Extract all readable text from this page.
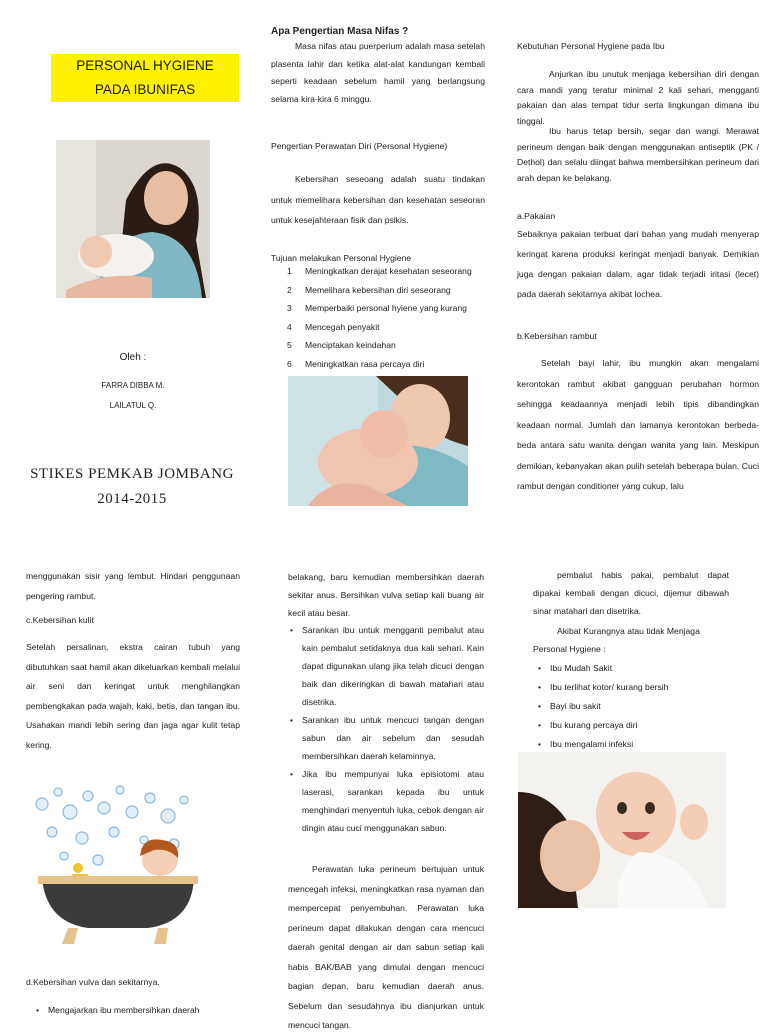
PERSONAL HYGIENE
PADA IBUNIFAS
Oleh :
FARRA DIBBA M.
LAILATUL Q.
STIKES PEMKAB JOMBANG
2014-2015
Apa Pengertian Masa Nifas ?
Masa nifas atau puerperium adalah masa setelah plasenta lahir dan ketika alat-alat kandungan kembali seperti keadaan sebelum hamil yang berlangsung selama kira-kira 6 minggu.
Pengertian Perawatan Diri (Personal Hygiene)
Kebersihan seseoang adalah suatu tindakan untuk memelihara kebersihan dan kesehatan seseoran untuk kesejahteraan fisik dan psikis.
Tujuan melakukan Personal Hygiene
1 Meningkatkan derajat kesehatan seseorang
2 Memelihara kebersihan diri seseorang
3 Memperbaiki personal hyiene yang kurang
4 Mencegah penyakit
5 Menciptakan keindahan
6 Meningkatkan rasa percaya diri
Kebutuhan Personal Hygiene pada Ibu
Anjurkan ibu unutuk menjaga kebersihan diri dengan cara mandi yang teratur minimal 2 kali sehari, mengganti pakaian dan alas tempat tidur serta lingkungan dimana ibu tinggal.
Ibu harus tetap bersih, segar dan wangi. Merawat perineum dengan baik dengan menggunakan antiseptik (PK / Dethol) dan selalu diingat bahwa membersihkan perineum dari arah depan ke belakang.
a.Pakaian
Sebaiknya pakaian terbuat dari bahan yang mudah menyerap keringat karena produksi keringat menjadi banyak. Demikian juga dengan pakaian dalam, agar tidak terjadi iritasi (lecet) pada daerah sekitarnya akibat lochea.
b.Kebersihan rambut
Setelah bayi lahir, ibu mungkin akan mengalami kerontokan rambut akibat gangguan perubahan hormon sehingga keadaannya menjadi lebih tipis dibandingkan keadaan normal. Jumlah dan lamanya kerontokan berbeda-beda antara satu wanita dengan wanita yang lain. Meskipun demikian, kebanyakan akan pulih setelah beberapa bulan. Cuci rambut dengan conditioner yang cukup, lalu
menggunakan sisir yang lembut. Hindari penggunaan pengering rambut.
c.Kebersihan kulit
Setelah persalinan, ekstra cairan tubuh yang dibutuhkan saat hamil akan dikeluarkan kembali melalui air seni dan keringat untuk menghilangkan pembengkakan pada wajah, kaki, betis, dan tangan ibu. Usahakan mandi lebih sering dan jaga agar kulit tetap kering.
d.Kebersihan vulva dan sekitarnya.
• Mengajarkan ibu membersihkan daerah
belakang, baru kemudian membersihkan daerah sekitar anus. Bersihkan vulva setiap kali buang air kecil atau besar.
• Sarankan ibu untuk mengganti pembalut atau kain pembalut setidaknya dua kali sehari. Kain dapat digunakan ulang jika telah dicuci dengan baik dan dikeringkan di bawah matahari atau disetrika.
• Sarankan ibu untuk mencuci tangan dengan sabun dan air sebelum dan sesudah membersihkan daerah kelaminnya.
• Jika ibu mempunyai luka episiotomi atau laserasi, sarankan kepada ibu untuk menghindari menyentuh luka, cebok dengan air dingin atau cuci menggunakan sabun.
Perawatan luka perineum bertujuan untuk mencegah infeksi, meningkatkan rasa nyaman dan mempercepat penyembuhan. Perawatan luka perineum dapat dilakukan dengan cara mencuci daerah genital dengan air dan sabun setiap kali habis BAK/BAB yang dimulai dengan mencuci bagian depan, baru kemudian daerah anus. Sebelum dan sesudahnya ibu dianjurkan untuk mencuci tangan.
pembalut habis pakai, pembalut dapat dipakai kembali dengan dicuci, dijemur dibawah sinar matahari dan disetrika.
Akibat Kurangnya atau tidak Menjaga Personal Hygiene :
• Ibu Mudah Sakit
• Ibu terlihat kotor/ kurang bersih
• Bayi ibu sakit
• Ibu kurang percaya diri
• Ibu mengalami infeksi
